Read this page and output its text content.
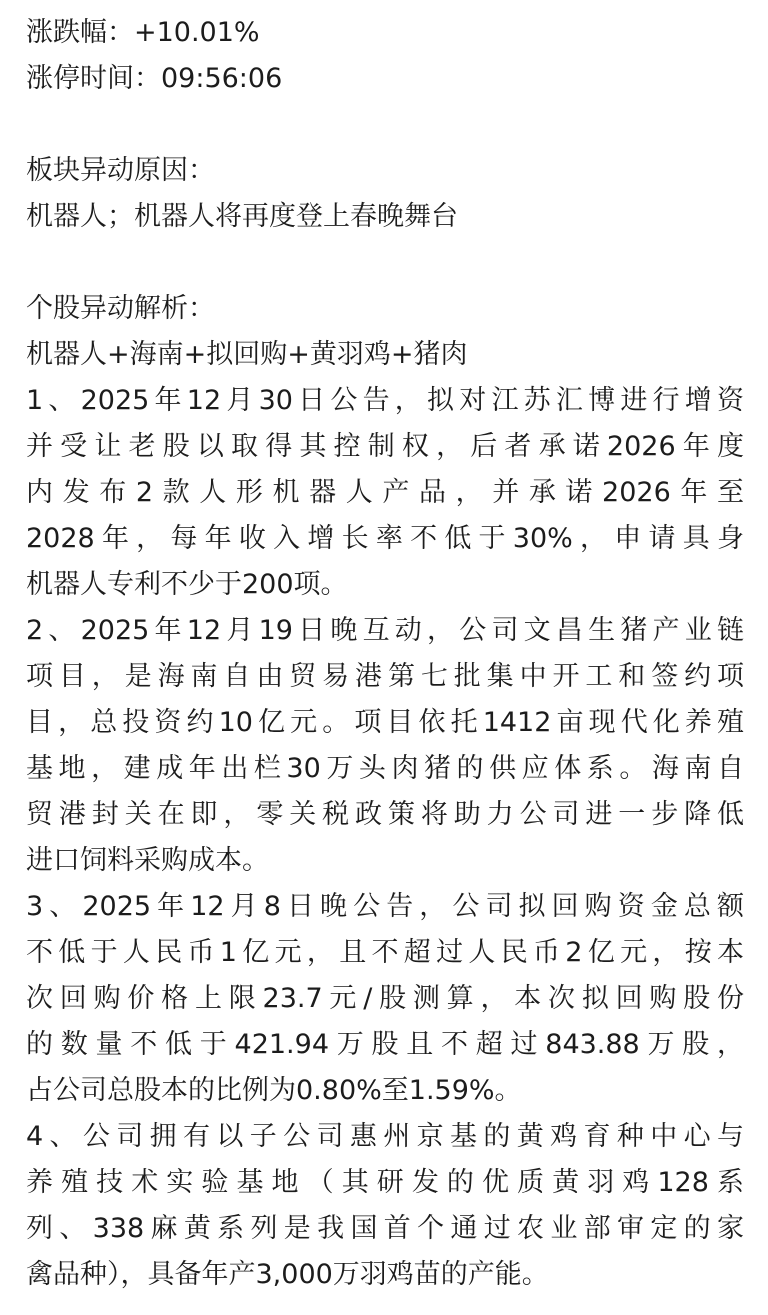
涨跌幅：+10.01%

涨停时间：09:56:06

板块异动原因：

机器人；机器人将再度登上春晚舞台

个股异动解析：

机器人+海南+拟回购+黄羽鸡+猪肉

1、2025年12月30日公告，拟对江苏汇博进行增资

并受让老股以取得其控制权，后者承诺2026年度

内发布2款人形机器人产品，并承诺2026年至

2028年，每年收入增长率不低于30%，申请具身

机器人专利不少于200项。

2、2025年12月19日晚互动，公司文昌生猪产业链

项目，是海南自由贸易港第七批集中开工和签约项

目，总投资约10亿元。项目依托1412亩现代化养殖

基地，建成年出栏30万头肉猪的供应体系。海南自

贸港封关在即，零关税政策将助力公司进一步降低

进口饲料采购成本。

3、2025年12月8日晚公告，公司拟回购资金总额

不低于人民币1亿元，且不超过人民币2亿元，按本

次回购价格上限23.7元/股测算，本次拟回购股份

的数量不低于421.94万股且不超过843.88万股，

占公司总股本的比例为0.80%至1.59%。

4、公司拥有以子公司惠州京基的黄鸡育种中心与

养殖技术实验基地（其研发的优质黄羽鸡128系

列、338麻黄系列是我国首个通过农业部审定的家

禽品种），具备年产3,000万羽鸡苗的产能。
